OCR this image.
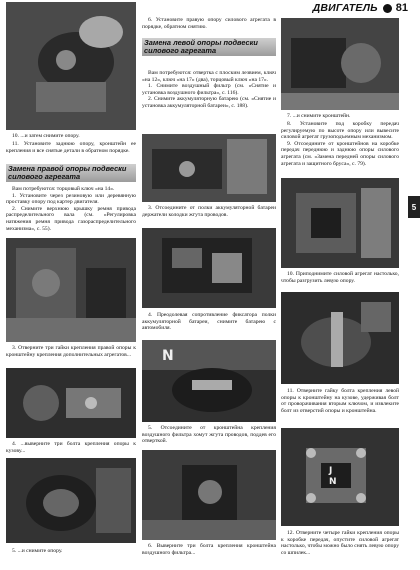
ДВИГАТЕЛЬ 81
5

10. ...и затем снимите опору.

11. Установите заднюю опору, кронштейн ее крепления и все снятые детали в обратном порядке.

Замена правой опоры подвески силового агрегата

Вам потребуются: торцовый ключ «на 14».

1. Установите через резиновую или деревянную проставку опору под картер двигателя.

2. Снимите верхнюю крышку ремня привода распределительного вала (см. «Регулировка натяжения ремня привода газораспределительного механизма», с. 55).

3. Отверните три гайки крепления правой опоры к кронштейну крепления дополнительных агрегатов...

4. ...выверните три болта крепления опоры к кузову...

5. ...и снимите опору.

6. Установите правую опору силового агрегата в порядке, обратном снятию.

Замена левой опоры подвески силового агрегата

Вам потребуются: отвертка с плоским лезвием, ключ «на 12», ключ «на 17» (два), торцовый ключ «на 17».

1. Снимите воздушный фильтр (см. «Снятие и установка воздушного фильтра», с. 116).

2. Снимите аккумуляторную батарею (см. «Снятие и установка аккумуляторной батареи», с. 188).

3. Отсоедините от полки аккумуляторной батареи держатели колодки жгута проводов.

4. Преодолевая сопротивление фиксатора полки аккумуляторной батареи, снимите батарею с автомобиля.

N

5. Отсоедините от кронштейна крепления воздушного фильтра хомут жгута проводов, поддев его отверткой.

6. Выверните три болта крепления кронштейна воздушного фильтра...

7. ...и снимите кронштейн.

8. Установите под коробку передач регулируемую по высоте опору или вывесите силовой агрегат грузоподъемным механизмом.

9. Отсоедините от кронштейнов на коробке передач переднюю и заднюю опоры силового агрегата (см. «Замена передней опоры силового агрегата и защитного бруса», с. 79).

10. Приподнимите силовой агрегат настолько, чтобы разгрузить левую опору.

11. Отверните гайку болта крепления левой опоры к кронштейну на кузове, удерживая болт от проворачивания вторым ключом, и извлеките болт из отверстий опоры и кронштейна.

J
N

12. Отверните четыре гайки крепления опоры к коробке передач, опустите силовой агрегат настолько, чтобы можно было снять левую опору со шпилек...
